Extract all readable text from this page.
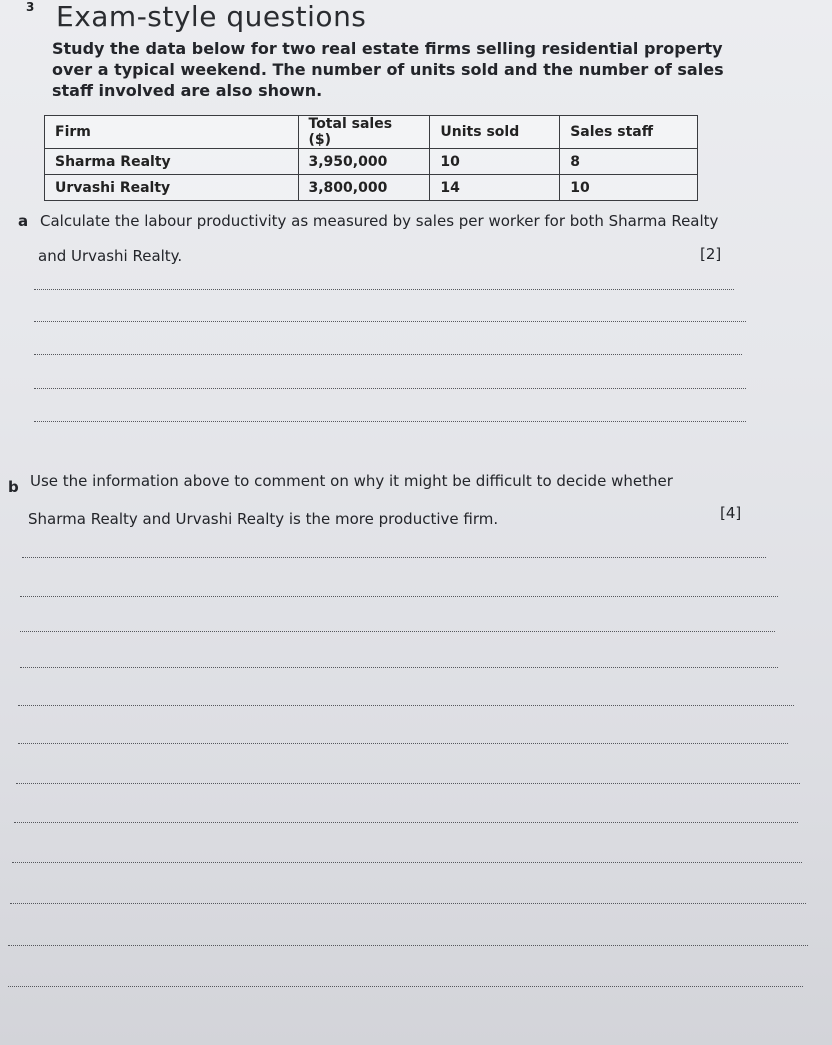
3 Exam-style questions
Study the data below for two real estate firms selling residential property over a typical weekend. The number of units sold and the number of sales staff involved are also shown.
Firm	Total sales ($)	Units sold	Sales staff
Sharma Realty	3,950,000	10	8
Urvashi Realty	3,800,000	14	10
a Calculate the labour productivity as measured by sales per worker for both Sharma Realty
and Urvashi Realty.	[2]
b Use the information above to comment on why it might be difficult to decide whether
Sharma Realty and Urvashi Realty is the more productive firm.	[4]
